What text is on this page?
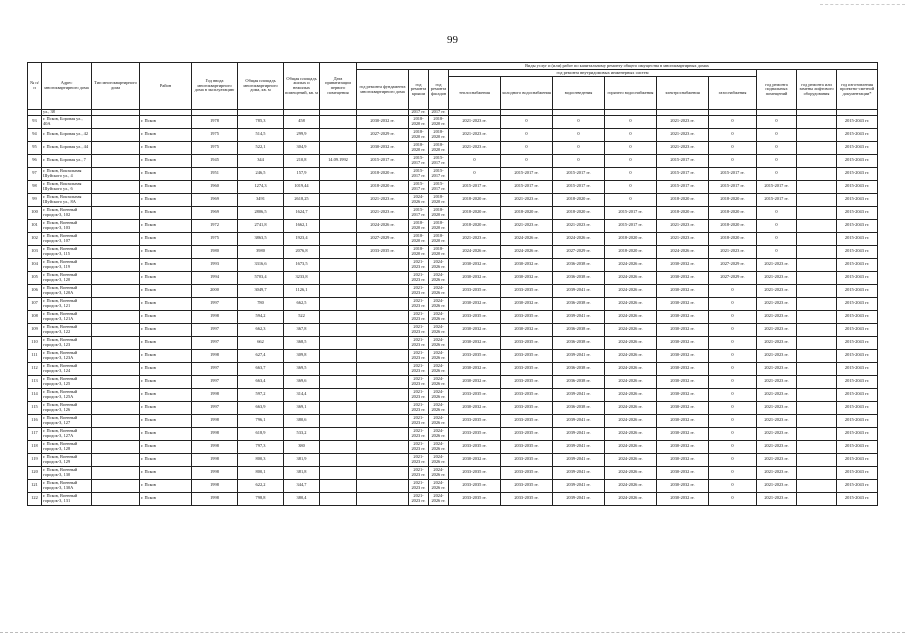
99
№ п/п	Адрес многоквартирного дома	Тип многоквартирного дома	Район	Год ввода многоквартирного дома в эксплуатацию	Общая площадь многоквартирного дома, кв. м	Общая площадь жилых и нежилых помещений, кв. м	Дата приватизации первого помещения	Виды услуг и (или) работ по капитальному ремонту общего имущества в многоквартирных домах											
								год ремонта фундамента многоквартирного дома	год ремонта крыши	год ремонта фасадов	год ремонта внутридомовых инженерных систем						год ремонта подвальных помещений	год ремонта или замены лифтового оборудования	год изготовления проектно-сметной документации*
											теплоснабжения	холодного водоснабжения	водоотведения	горячего водоснабжения	электроснабжения	газоснабжения			
	ул., 38								2017 гг.	2017 гг.									
93	г. Псков, Боровая ул., 40А		г. Псков	1978	785,3	458		2030-2032 гг.	2018-2020 гг.	2018-2020 гг.	2021-2023 гг.	0	0	0	2021-2023 гг.	0	0		2015-2043 гг.
94	г. Псков, Боровая ул., 42		г. Псков	1975	514,5	299,9		2027-2029 гг.	2018-2020 гг.	2018-2020 гг.	2021-2023 гг.	0	0	0	2021-2023 гг.	0	0		2015-2043 гг.
95	г. Псков, Боровая ул., 44		г. Псков	1975	522,1	304,9		2030-2032 гг.	2018-2020 гг.	2018-2020 гг.	2021-2023 гг.	0	0	0	2021-2023 гг.	0	0		2015-2043 гг.
96	г. Псков, Боровая ул., 7		г. Псков	1945	344	210,8	14.09.1992	2015-2017 гг.	2015-2017 гг.	2015-2017 гг.	0	0	0	0	2015-2017 гг.	0	0		2015-2043 гг.
97	г. Псков, Вокзальная Шуйского ул., 4		г. Псков	1951	246,5	157,9		2018-2020 гг.	2015-2017 гг.	2015-2017 гг.	0	2015-2017 гг.	2015-2017 гг.	0	2015-2017 гг.	2015-2017 гг.	0		2015-2043 гг.
98	г. Псков, Вокзальная Шуйского ул., 6		г. Псков	1960	1274,3	1019,44		2018-2020 гг.	2015-2017 гг.	2015-2017 гг.	2015-2017 гг.	2015-2017 гг.	2015-2017 гг.	0	2015-2017 гг.	2015-2017 гг.	2015-2017 гг.		2015-2043 гг.
99	г. Псков, Вокзальная Шуйского ул., 8А		г. Псков	1969	3491	2618,25		2021-2023 гг.	2024-2026 гг.	2018-2020 гг.	2018-2020 гг.	2021-2023 гг.	2018-2020 гг.	0	2018-2020 гг.	2018-2020 гг.	2015-2017 гг.		2015-2043 гг.
100	г. Псков, Военный городок-3, 102		г. Псков	1969	2806,5	1624,7		2021-2023 гг.	2015-2017 гг.	2018-2020 гг.	2018-2020 гг.	2018-2020 гг.	2018-2020 гг.	2015-2017 гг.	2018-2020 гг.	2018-2020 гг.	0		2015-2043 гг.
101	г. Псков, Военный городок-3, 103		г. Псков	1972	2741,8	1662,1		2024-2026 гг.	2018-2020 гг.	2018-2020 гг.	2018-2020 гг.	2021-2023 гг.	2021-2023 гг.	2015-2017 гг.	2021-2023 гг.	2018-2020 гг.	0		2015-2043 гг.
102	г. Псков, Военный городок-3, 107		г. Псков	1975	3863,5	1923,4		2027-2029 гг.	2018-2020 гг.	2018-2020 гг.	2021-2023 гг.	2024-2026 гг.	2024-2026 гг.	2018-2020 гг.	2021-2023 гг.	2018-2020 гг.	0		2015-2043 гг.
103	г. Псков, Военный городок-3, 115		г. Псков	1980	3980	2076,8		2033-2035 гг.	2018-2020 гг.	2018-2020 гг.	2024-2026 гг.	2024-2026 гг.	2027-2029 гг.	2018-2020 гг.	2024-2026 гг.	2021-2023 гг.	0		2015-2043 гг.
104	г. Псков, Военный городок-3, 119		г. Псков	1993	3316,6	1673,5			2021-2023 гг.	2024-2026 гг.	2030-2032 гг.	2030-2032 гг.	2036-2038 гг.	2024-2026 гг.	2030-2032 гг.	2027-2029 гг.	2021-2023 гг.		2015-2043 гг.
105	г. Псков, Военный городок-3, 120		г. Псков	1994	5703,4	3233,8			2021-2023 гг.	2024-2026 гг.	2030-2032 гг.	2030-2032 гг.	2036-2038 гг.	2024-2026 гг.	2030-2032 гг.	2027-2029 гг.	2021-2023 гг.		2015-2043 гг.
106	г. Псков, Военный городок-3, 120А		г. Псков	2000	3049,7	1126,1			2021-2023 гг.	2024-2026 гг.	2033-2035 гг.	2033-2035 гг.	2039-2041 гг.	2024-2026 гг.	2030-2032 гг.	0	2021-2023 гг.		2015-2043 гг.
107	г. Псков, Военный городок-3, 121		г. Псков	1997	780	662,5			2021-2023 гг.	2024-2026 гг.	2030-2032 гг.	2030-2032 гг.	2036-2038 гг.	2024-2026 гг.	2030-2032 гг.	0	2021-2023 гг.		2015-2043 гг.
108	г. Псков, Военный городок-3, 121А		г. Псков	1998	594,2	522			2021-2023 гг.	2024-2026 гг.	2033-2035 гг.	2033-2035 гг.	2039-2041 гг.	2024-2026 гг.	2030-2032 гг.	0	2021-2023 гг.		2015-2043 гг.
109	г. Псков, Военный городок-3, 122		г. Псков	1997	662,3	367,8			2021-2023 гг.	2024-2026 гг.	2030-2032 гг.	2030-2032 гг.	2036-2038 гг.	2024-2026 гг.	2030-2032 гг.	0	2021-2023 гг.		2015-2043 гг.
110	г. Псков, Военный городок-3, 123		г. Псков	1997	662	368,5			2021-2023 гг.	2024-2026 гг.	2030-2032 гг.	2033-2035 гг.	2036-2038 гг.	2024-2026 гг.	2030-2032 гг.	0	2021-2023 гг.		2015-2043 гг.
111	г. Псков, Военный городок-3, 123А		г. Псков	1998	627,4	309,8			2021-2023 гг.	2024-2026 гг.	2033-2035 гг.	2033-2035 гг.	2039-2041 гг.	2024-2026 гг.	2030-2032 гг.	0	2021-2023 гг.		2015-2043 гг.
112	г. Псков, Военный городок-3, 124		г. Псков	1997	663,7	369,5			2021-2023 гг.	2024-2026 гг.	2030-2032 гг.	2033-2035 гг.	2036-2038 гг.	2024-2026 гг.	2030-2032 гг.	0	2021-2023 гг.		2015-2043 гг.
113	г. Псков, Военный городок-3, 125		г. Псков	1997	663,4	369,6			2021-2023 гг.	2024-2026 гг.	2030-2032 гг.	2033-2035 гг.	2036-2038 гг.	2024-2026 гг.	2030-2032 гг.	0	2021-2023 гг.		2015-2043 гг.
114	г. Псков, Военный городок-3, 125А		г. Псков	1998	597,2	314,4			2021-2023 гг.	2024-2026 гг.	2033-2035 гг.	2033-2035 гг.	2039-2041 гг.	2024-2026 гг.	2030-2032 гг.	0	2021-2023 гг.		2015-2043 гг.
115	г. Псков, Военный городок-3, 126		г. Псков	1997	663,9	369,1			2021-2023 гг.	2024-2026 гг.	2030-2032 гг.	2033-2035 гг.	2036-2038 гг.	2024-2026 гг.	2030-2032 гг.	0	2021-2023 гг.		2015-2043 гг.
116	г. Псков, Военный городок-3, 127		г. Псков	1998	796,1	380,6			2021-2023 гг.	2024-2026 гг.	2033-2035 гг.	2033-2035 гг.	2039-2041 гг.	2024-2026 гг.	2030-2032 гг.	0	2021-2023 гг.		2015-2043 гг.
117	г. Псков, Военный городок-3, 127А		г. Псков	1998	618,9	533,2			2021-2023 гг.	2024-2026 гг.	2033-2035 гг.	2033-2035 гг.	2039-2041 гг.	2024-2026 гг.	2030-2032 гг.	0	2021-2023 гг.		2015-2043 гг.
118	г. Псков, Военный городок-3, 128		г. Псков	1998	797,3	380			2021-2023 гг.	2024-2026 гг.	2033-2035 гг.	2033-2035 гг.	2039-2041 гг.	2024-2026 гг.	2030-2032 гг.	0	2021-2023 гг.		2015-2043 гг.
119	г. Псков, Военный городок-3, 129		г. Псков	1998	800,3	381,9			2021-2023 гг.	2024-2026 гг.	2030-2032 гг.	2033-2035 гг.	2039-2041 гг.	2024-2026 гг.	2030-2032 гг.	0	2021-2023 гг.		2015-2043 гг.
120	г. Псков, Военный городок-3, 130		г. Псков	1998	800,1	381,8			2021-2023 гг.	2024-2026 гг.	2033-2035 гг.	2033-2035 гг.	2039-2041 гг.	2024-2026 гг.	2030-2032 гг.	0	2021-2023 гг.		2015-2043 гг.
121	г. Псков, Военный городок-3, 130А		г. Псков	1998	622,2	344,7			2021-2023 гг.	2024-2026 гг.	2033-2035 гг.	2033-2035 гг.	2039-2041 гг.	2024-2026 гг.	2030-2032 гг.	0	2021-2023 гг.		2015-2043 гг.
122	г. Псков, Военный городок-3, 131		г. Псков	1998	798,8	380,4			2021-2023 гг.	2024-2026 гг.	2033-2035 гг.	2033-2035 гг.	2039-2041 гг.	2024-2026 гг.	2030-2032 гг.	0	2021-2023 гг.		2015-2043 гг.
